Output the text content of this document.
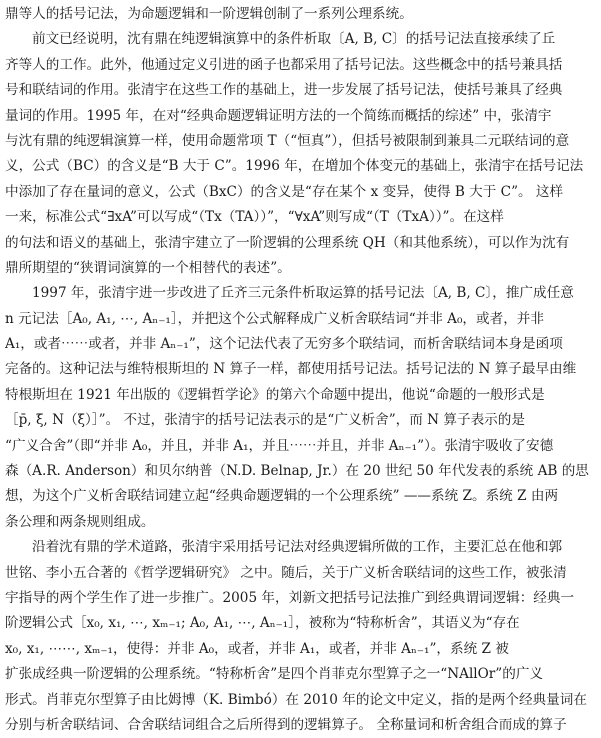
鼎等人的括号记法，为命题逻辑和一阶逻辑创制了一系列公理系统。
前文已经说明，沈有鼎在纯逻辑演算中的条件析取〔A, B, C〕的括号记法直接承续了丘
齐等人的工作。此外，他通过定义引进的函子也都采用了括号记法。这些概念中的括号兼具括
号和联结词的作用。张清宇在这些工作的基础上，进一步发展了括号记法，使括号兼具了经典
量词的作用。1995 年，在对“经典命题逻辑证明方法的一个简练而概括的综述” 中，张清宇
与沈有鼎的纯逻辑演算一样，使用命题常项 T（“恒真”），但括号被限制到兼具二元联结词的意
义，公式（BC）的含义是“B 大于 C”。1996 年，在增加个体变元的基础上，张清宇在括号记法
中添加了存在量词的意义，公式（BxC）的含义是“存在某个 x 变异，使得 B 大于 C”。 这样
一来，标准公式“∃xA”可以写成“（Tx（TA））”，“∀xA”则写成“（T（TxA））”。在这样
的句法和语义的基础上，张清宇建立了一阶逻辑的公理系统 QH（和其他系统），可以作为沈有
鼎所期望的“狭谓词演算的一个相替代的表述”。
1997 年，张清宇进一步改进了丘齐三元条件析取运算的括号记法〔A, B, C〕，推广成任意
n 元记法［A₀, A₁, ⋯, Aₙ₋₁］，并把这个公式解释成广义析舍联结词“并非 A₀，或者，并非
A₁，或者⋯⋯或者，并非 Aₙ₋₁”，这个记法代表了无穷多个联结词，而析舍联结词本身是函项
完备的。这种记法与维特根斯坦的 N 算子一样，都使用括号记法。括号记法的 N 算子最早由维
特根斯坦在 1921 年出版的《逻辑哲学论》的第六个命题中提出，他说“命题的一般形式是
［p̄, ξ̄, N（ξ̄）］”。 不过，张清宇的括号记法表示的是“广义析舍”，而 N 算子表示的是
“广义合舍”（即“并非 A₀，并且，并非 A₁，并且⋯⋯并且，并非 Aₙ₋₁”）。张清宇吸收了安德
森（A.R. Anderson）和贝尔纳普（N.D. Belnap, Jr.）在 20 世纪 50 年代发表的系统 AB 的思
想，为这个广义析舍联结词建立起“经典命题逻辑的一个公理系统” ——系统 Z。系统 Z 由两
条公理和两条规则组成。
沿着沈有鼎的学术道路，张清宇采用括号记法对经典逻辑所做的工作，主要汇总在他和郭
世铭、李小五合著的《哲学逻辑研究》 之中。随后，关于广义析舍联结词的这些工作，被张清
宇指导的两个学生作了进一步推广。2005 年，刘新文把括号记法推广到经典谓词逻辑：经典一
阶逻辑公式［x₀, x₁, ⋯, xₘ₋₁; A₀, A₁, ⋯, Aₙ₋₁］，被称为“特称析舍”，其语义为“存在
x₀, x₁, ⋯⋯, xₘ₋₁，使得：并非 A₀，或者，并非 A₁，或者，并非 Aₙ₋₁”，系统 Z 被
扩张成经典一阶逻辑的公理系统。“特称析舍”是四个肖菲克尔型算子之一“NAllOr”的广义
形式。肖菲克尔型算子由比姆博（K. Bimbó）在 2010 年的论文中定义，指的是两个经典量词在
分别与析舍联结词、合舍联结词组合之后所得到的逻辑算子。 全称量词和析舍组合而成的算子
